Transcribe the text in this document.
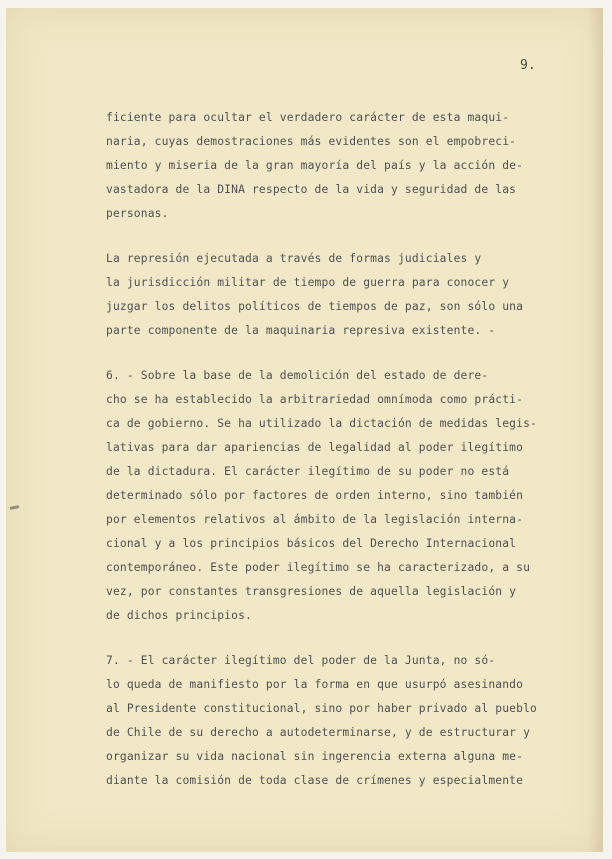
9.
ficiente para ocultar el verdadero carácter de esta maqui-
naria, cuyas demostraciones más evidentes son el empobreci-
miento y miseria de la gran mayoría del país y la acción de-
vastadora de la DINA respecto de la vida y seguridad de las
personas.
La represión ejecutada a través de formas judiciales y
la jurisdicción militar de tiempo de guerra para conocer y
juzgar los delitos políticos de tiempos de paz, son sólo una
parte componente de la maquinaria represiva existente. -
6. - Sobre la base de la demolición del estado de dere-
cho se ha establecido la arbitrariedad omnímoda como prácti-
ca de gobierno. Se ha utilizado la dictación de medidas legis-
lativas para dar apariencias de legalidad al poder ilegítimo
de la dictadura. El carácter ilegítimo de su poder no está
determinado sólo por factores de orden interno, sino también
por elementos relativos al ámbito de la legislación interna-
cional y a los principios básicos del Derecho Internacional
contemporáneo. Este poder ilegítimo se ha caracterizado, a su
vez, por constantes transgresiones de aquella legislación y
de dichos principios.
7. - El carácter ilegítimo del poder de la Junta, no só-
lo queda de manifiesto por la forma en que usurpó asesinando
al Presidente constitucional, sino por haber privado al pueblo
de Chile de su derecho a autodeterminarse, y de estructurar y
organizar su vida nacional sin ingerencia externa alguna me-
diante la comisión de toda clase de crímenes y especialmente
